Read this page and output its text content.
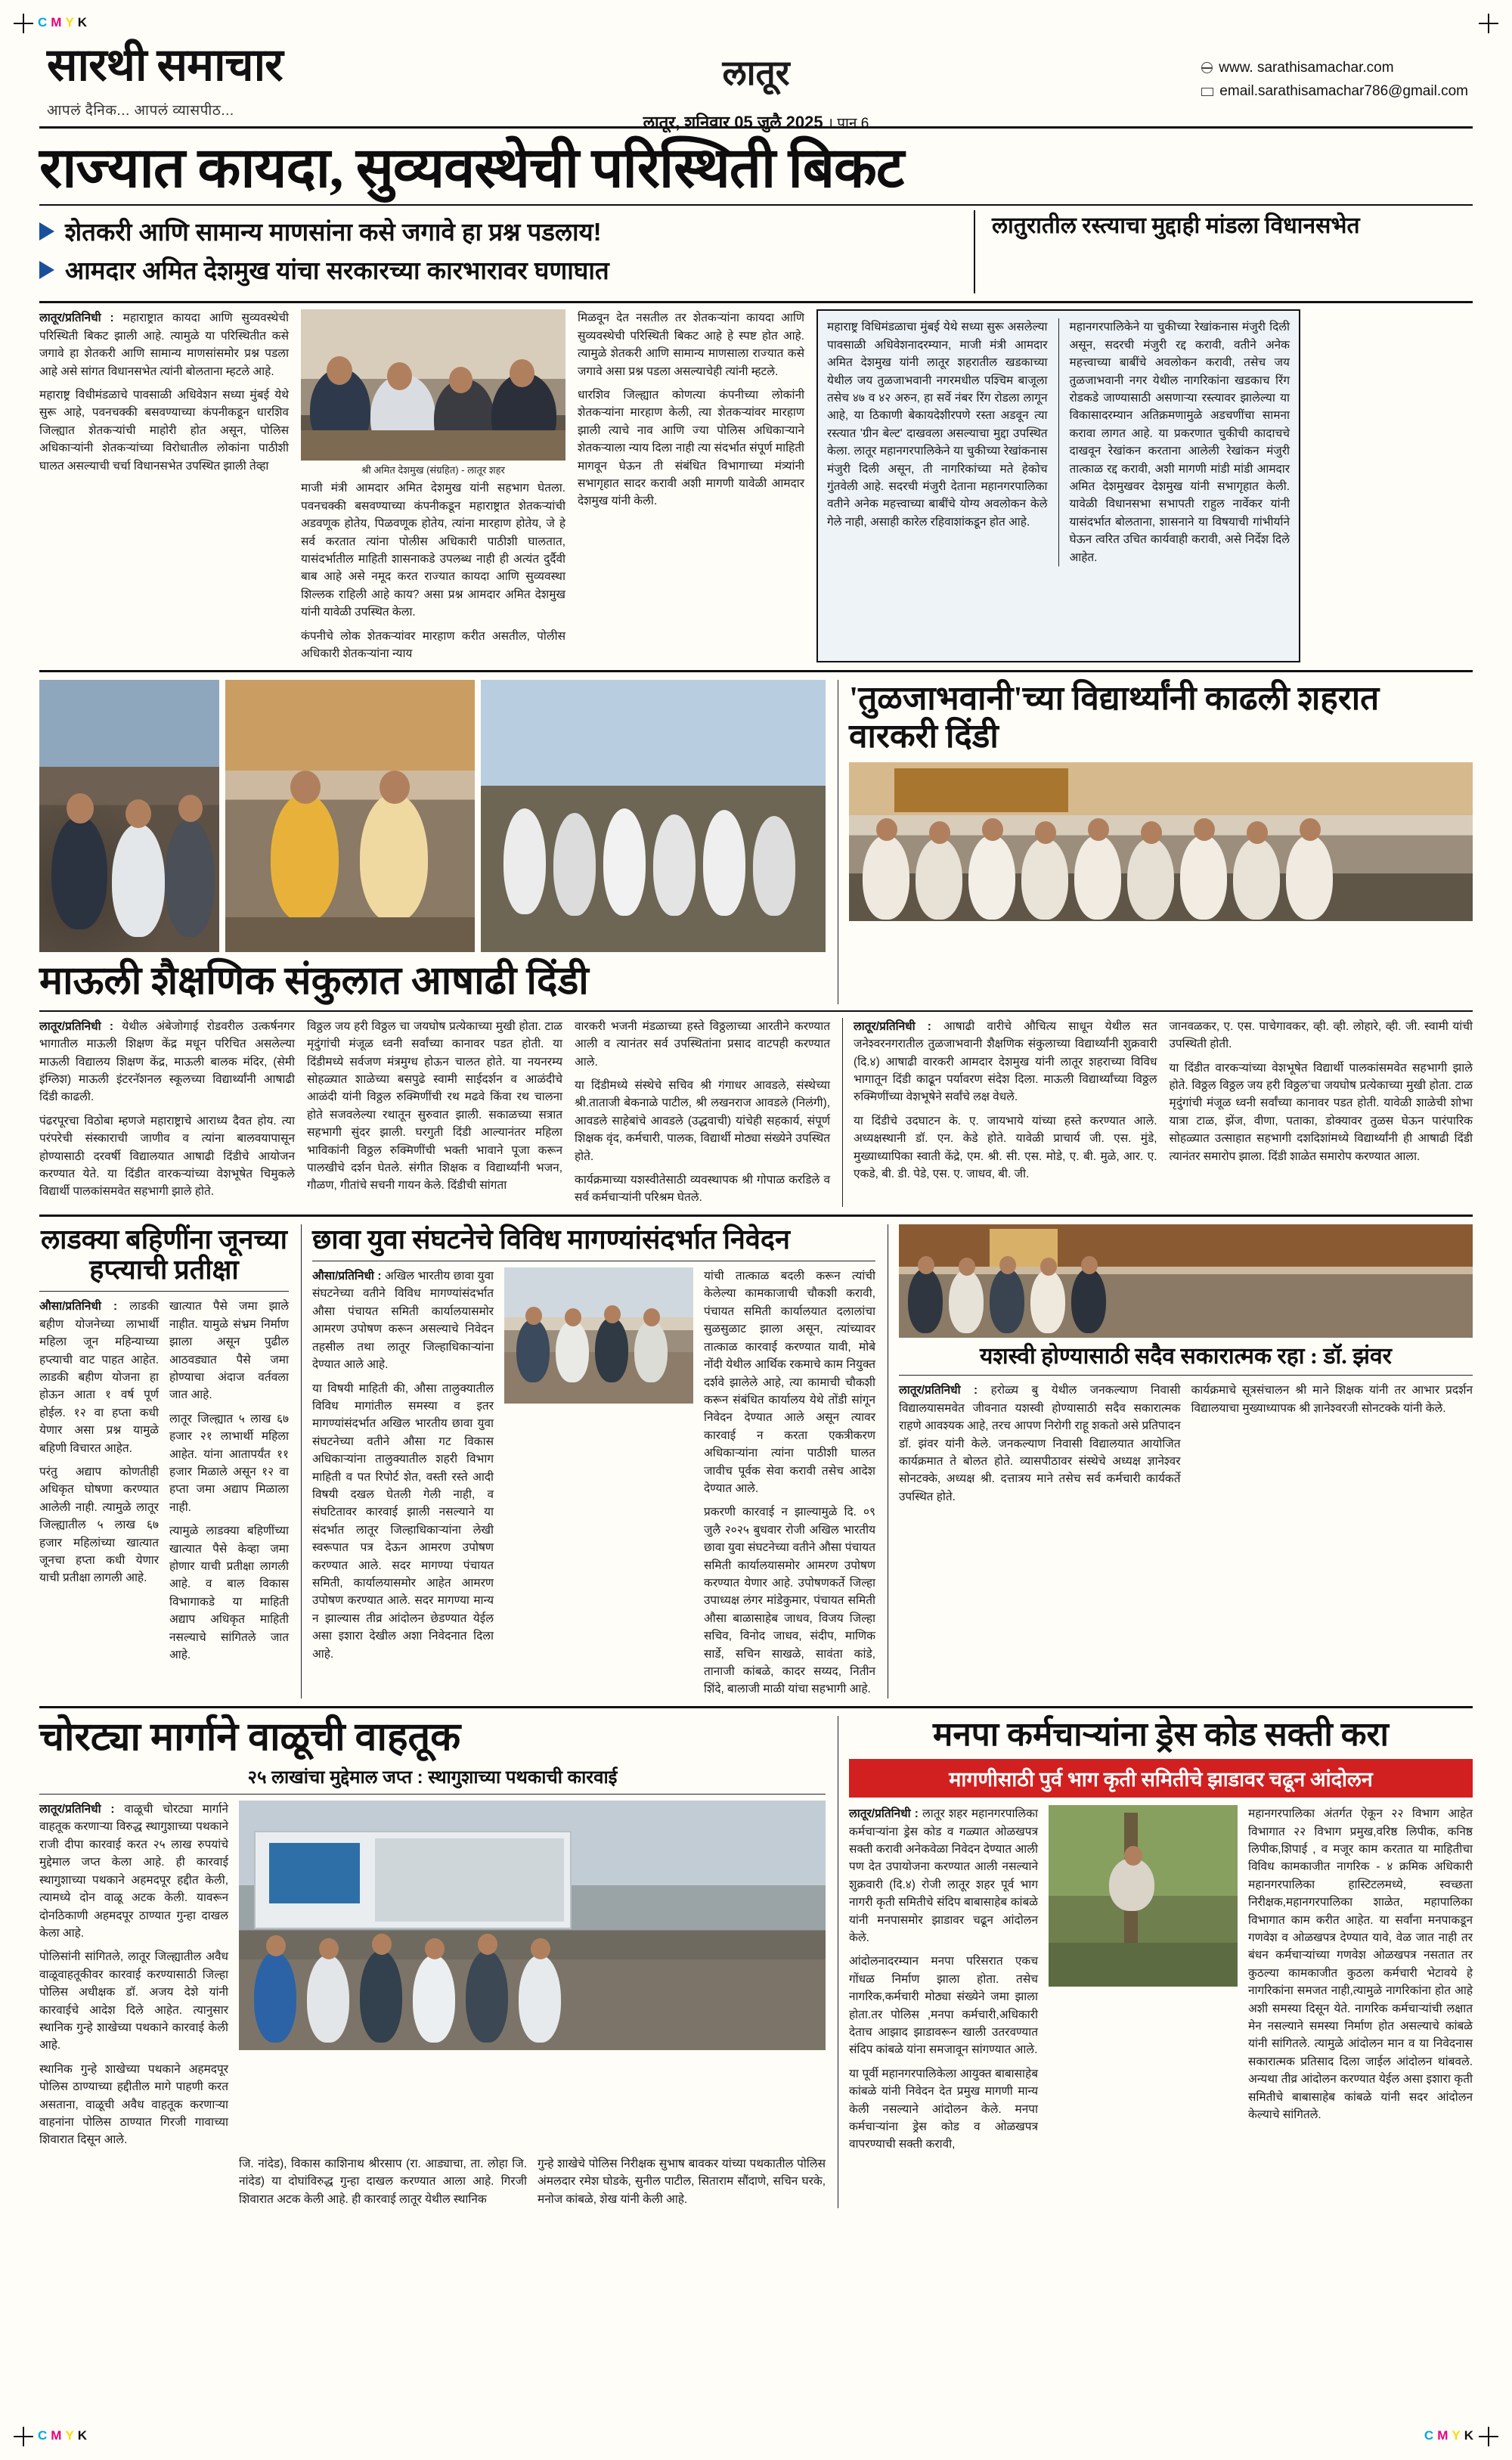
C M Y K
C M Y K	C M Y K
सारथी समाचार
आपलं दैनिक... आपलं व्यासपीठ...
लातूर
लातूर, शनिवार 05 जुलै 2025 । पान 6
www. sarathisamachar.com
email.sarathisamachar786@gmail.com
राज्यात कायदा, सुव्यवस्थेची परिस्थिती बिकट
शेतकरी आणि सामान्य माणसांना कसे जगावे हा प्रश्न पडलाय!
आमदार अमित देशमुख यांचा सरकारच्या कारभारावर घणाघात
लातुरातील रस्त्याचा मुद्दाही मांडला विधानसभेत
लातूर/प्रतिनिधी : महाराष्ट्रात कायदा आणि सुव्यवस्थेची परिस्थिती बिकट झाली आहे. त्यामुळे या परिस्थितीत कसे जगावे हा शेतकरी आणि सामान्य माणसांसमोर प्रश्न पडला आहे असे सांगत विधानसभेत त्यांनी बोलताना म्हटले आहे.
महाराष्ट्र विधीमंडळाचे पावसाळी अधिवेशन सध्या मुंबई येथे सुरू आहे, पवनचक्की बसवण्याच्या कंपनीकडून धारशिव जिल्ह्यात शेतकऱ्यांची माहोरी होत असून, पोलिस अधिकाऱ्यांनी शेतकऱ्यांच्या विरोधातील लोकांना पाठीशी घालत असल्याची चर्चा विधानसभेत उपस्थित झाली तेव्हा	श्री अमित देशमुख (संग्रहित) - लातूर शहर
माजी मंत्री आमदार अमित देशमुख यांनी सहभाग घेतला. पवनचक्की बसवण्याच्या कंपनीकडून महाराष्ट्रात शेतकऱ्यांची अडवणूक होतेय, पिळवणूक होतेय, त्यांना मारहाण होतेय, जे हे सर्व करतात त्यांना पोलीस अधिकारी पाठीशी घालतात, यासंदर्भातील माहिती शासनाकडे उपलब्ध नाही ही अत्यंत दुर्दैवी बाब आहे असे नमूद करत राज्यात कायदा आणि सुव्यवस्था शिल्लक राहिली आहे काय? असा प्रश्न आमदार अमित देशमुख यांनी यावेळी उपस्थित केला.
कंपनीचे लोक शेतकऱ्यांवर मारहाण करीत असतील, पोलीस अधिकारी शेतकऱ्यांना न्याय
मिळवून देत नसतील तर शेतकऱ्यांना कायदा आणि सुव्यवस्थेची परिस्थिती बिकट आहे हे स्पष्ट होत आहे. त्यामुळे शेतकरी आणि सामान्य माणसाला राज्यात कसे जगावे असा प्रश्न पडला असल्याचेही त्यांनी म्हटले.
धारशिव जिल्ह्यात कोणत्या कंपनीच्या लोकांनी शेतकऱ्यांना मारहाण केली, त्या शेतकऱ्यांवर मारहाण झाली त्याचे नाव आणि ज्या पोलिस अधिकाऱ्याने शेतकऱ्याला न्याय दिला नाही त्या संदर्भात संपूर्ण माहिती मागवून घेऊन ती संबंधित विभागाच्या मंत्र्यांनी सभागृहात सादर करावी अशी मागणी यावेळी आमदार देशमुख यांनी केली.
महाराष्ट्र विधिमंडळाचा मुंबई येथे सध्या सुरू असलेल्या पावसाळी अधिवेशनादरम्यान, माजी मंत्री आमदार अमित देशमुख यांनी लातूर शहरातील खडकाच्या येथील जय तुळजाभवानी नगरमधील पश्चिम बाजूला तसेच ४७ व ४२ अरुन, हा सर्वे नंबर रिंग रोडला लागून आहे, या ठिकाणी बेकायदेशीरपणे रस्ता अडवून त्या रस्त्यात 'ग्रीन बेल्ट' दाखवला असल्याचा मुद्दा उपस्थित केला. लातूर महानगरपालिकेने या चुकीच्या रेखांकनास मंजुरी दिली असून, ती नागरिकांच्या मते हेकोच गुंतवेली आहे. सदरची मंजुरी देताना महानगरपालिका वतीने अनेक महत्त्वाच्या बाबींचे योग्य अवलोकन केले गेले नाही, असाही कारेल रहिवाशांकडून होत आहे.
महानगरपालिकेने या चुकीच्या रेखांकनास मंजुरी दिली असून, सदरची मंजुरी रद्द करावी, वतीने अनेक महत्त्वाच्या बाबींचे अवलोकन करावी, तसेच जय तुळजाभवानी नगर येथील नागरिकांना खडकाच रिंग रोडकडे जाण्यासाठी असणाऱ्या रस्त्यावर झालेल्या या विकासादरम्यान अतिक्रमणामुळे अडचणींचा सामना करावा लागत आहे. या प्रकरणात चुकीची कादाचचे दाखवून रेखांकन करताना आलेली रेखांकन मंजुरी तात्काळ रद्द करावी, अशी मागणी मांडी मांडी आमदार अमित देशमुखवर देशमुख यांनी सभागृहात केली. यावेळी विधानसभा सभापती राहुल नार्वेकर यांनी यासंदर्भात बोलताना, शासनाने या विषयाची गांभीर्याने घेऊन त्वरित उचित कार्यवाही करावी, असे निर्देश दिले आहेत.
माऊली शैक्षणिक संकुलात आषाढी दिंडी
'तुळजाभवानी'च्या विद्यार्थ्यांनी काढली शहरात वारकरी दिंडी
लातूर/प्रतिनिधी : येथील अंबेजोगाई रोडवरील उत्कर्षनगर भागातील माऊली शिक्षण केंद्र मधून परिचित असलेल्या माऊली विद्यालय शिक्षण केंद्र, माऊली बालक मंदिर, (सेमी इंग्लिश) माऊली इंटरनॅशनल स्कूलच्या विद्यार्थ्यांनी आषाढी दिंडी काढली.
पंढरपूरचा विठोबा म्हणजे महाराष्ट्राचे आराध्य दैवत होय. त्या परंपरेची संस्काराची जाणीव व त्यांना बालवयापासून होण्यासाठी दरवर्षी विद्यालयात आषाढी दिंडीचे आयोजन करण्यात येते. या दिंडीत वारकऱ्यांच्या वेशभूषेत चिमुकले विद्यार्थी पालकांसमवेत सहभागी झाले होते.
विठ्ठल जय हरी विठ्ठल चा जयघोष प्रत्येकाच्या मुखी होता. टाळ मृदुंगांची मंजूळ ध्वनी सर्वांच्या कानावर पडत होती. या दिंडीमध्ये सर्वजण मंत्रमुग्ध होऊन चालत होते. या नयनरम्य सोहळ्यात शाळेच्या बसपुढे स्वामी साईदर्शन व आळंदीचे आळंदी यांनी विठ्ठल रुक्मिणींची रथ मढवे किंवा रथ चालना होते सजवलेल्या रथातून सुरुवात झाली. सकाळच्या सत्रात सहभागी सुंदर झाली. घरगुती दिंडी आल्यानंतर महिला भाविकांनी विठ्ठल रुक्मिणींची भक्ती भावाने पूजा करून पालखीचे दर्शन घेतले. संगीत शिक्षक व विद्यार्थ्यांनी भजन, गौळण, गीतांचे सचनी गायन केले. दिंडीची सांगता
वारकरी भजनी मंडळाच्या हस्ते विठ्ठलाच्या आरतीने करण्यात आली व त्यानंतर सर्व उपस्थितांना प्रसाद वाटपही करण्यात आले.
या दिंडीमध्ये संस्थेचे सचिव श्री गंगाधर आवडले, संस्थेच्या श्री.ताताजी बेकनाळे पाटील, श्री लखनराज आवडले (निलंगी), आवडले साहेबांचे आवडले (उद्धवाची) यांचेही सहकार्य, संपूर्ण शिक्षक वृंद, कर्मचारी, पालक, विद्यार्थी मोठ्या संख्येने उपस्थित होते.
कार्यक्रमाच्या यशस्वीतेसाठी व्यवस्थापक श्री गोपाळ करडिले व सर्व कर्मचाऱ्यांनी परिश्रम घेतले.
लातूर/प्रतिनिधी : आषाढी वारीचे औचित्य साधून येथील सत जनेश्वरनगरातील तुळजाभवानी शैक्षणिक संकुलाच्या विद्यार्थ्यांनी शुक्रवारी (दि.४) आषाढी वारकरी आमदार देशमुख यांनी लातूर शहराच्या विविध भागातून दिंडी काढून पर्यावरण संदेश दिला. माऊली विद्यार्थ्यांच्या विठ्ठल रुक्मिणींच्या वेशभूषेने सर्वांचे लक्ष वेधले.
या दिंडीचे उदघाटन के. ए. जायभाये यांच्या हस्ते करण्यात आले. अध्यक्षस्थानी डॉ. एन. केडे होते. यावेळी प्राचार्य जी. एस. मुंडे, मुख्याध्यापिका स्वाती केंद्रे, एम. श्री. सी. एस. मोडे, ए. बी. मुळे, आर. ए. एकडे, बी. डी. पेडे, एस. ए. जाधव, बी. जी.
जानवळकर, ए. एस. पाचेगावकर, व्ही. व्ही. लोहारे, व्ही. जी. स्वामी यांची उपस्थिती होती.
या दिंडीत वारकऱ्यांच्या वेशभूषेत विद्यार्थी पालकांसमवेत सहभागी झाले होते. विठ्ठल विठ्ठल जय हरी विठ्ठल'चा जयघोष प्रत्येकाच्या मुखी होता. टाळ मृदुंगांची मंजूळ ध्वनी सर्वांच्या कानावर पडत होती. यावेळी शाळेची शोभा यात्रा टाळ, झेंज, वीणा, पताका, डोक्यावर तुळस घेऊन पारंपारिक सोहळ्यात उत्साहात सहभागी दशदिशांमध्ये विद्यार्थ्यांनी ही आषाढी दिंडी त्यानंतर समारोप झाला. दिंडी शाळेत समारोप करण्यात आला.
लाडक्या बहिणींना जूनच्या हप्त्याची प्रतीक्षा
औसा/प्रतिनिधी : लाडकी बहीण योजनेच्या लाभार्थी महिला जून महिन्याच्या हप्त्याची वाट पाहत आहेत. लाडकी बहीण योजना हा होऊन आता १ वर्ष पूर्ण होईल. १२ वा हप्ता कधी येणार असा प्रश्न यामुळे बहिणी विचारत आहेत.
परंतु अद्याप कोणतीही अधिकृत घोषणा करण्यात आलेली नाही. त्यामुळे लातूर जिल्ह्यातील ५ लाख ६७ हजार महिलांच्या खात्यात जूनचा हप्ता कधी येणार याची प्रतीक्षा लागली आहे.
खात्यात पैसे जमा झाले नाहीत. यामुळे संभ्रम निर्माण झाला असून पुढील आठवड्यात पैसे जमा होण्याचा अंदाज वर्तवला जात आहे.
लातूर जिल्ह्यात ५ लाख ६७ हजार २१ लाभार्थी महिला आहेत. यांना आतापर्यंत ११ हजार मिळाले असून १२ वा हप्ता जमा अद्याप मिळाला नाही.
त्यामुळे लाडक्या बहिणींच्या खात्यात पैसे केव्हा जमा होणार याची प्रतीक्षा लागली आहे. व बाल विकास विभागाकडे या माहिती अद्याप अधिकृत माहिती नसल्याचे सांगितले जात आहे.
छावा युवा संघटनेचे विविध मागण्यांसंदर्भात निवेदन
औसा/प्रतिनिधी : अखिल भारतीय छावा युवा संघटनेच्या वतीने विविध मागण्यांसंदर्भात औसा पंचायत समिती कार्यालयासमोर आमरण उपोषण करून असल्याचे निवेदन तहसील तथा लातूर जिल्हाधिकाऱ्यांना देण्यात आले आहे.
या विषयी माहिती की, औसा तालुक्यातील विविध मागांतील समस्या व इतर मागण्यांसंदर्भात अखिल भारतीय छावा युवा संघटनेच्या वतीने औसा गट विकास अधिकाऱ्यांना तालुक्यातील शहरी विभाग माहिती व पत रिपोर्ट शेत, वस्ती रस्ते आदी विषयी दखल घेतली गेली नाही, व संघटितावर कारवाई झाली नसल्याने या संदर्भात लातूर जिल्हाधिकाऱ्यांना लेखी स्वरूपात पत्र देऊन आमरण उपोषण करण्यात आले. सदर मागण्या पंचायत समिती, कार्यालयासमोर आहेत आमरण उपोषण करण्यात आले. सदर मागण्या मान्य न झाल्यास तीव्र आंदोलन छेडण्यात येईल असा इशारा देखील अशा निवेदनात दिला आहे.
यांची तात्काळ बदली करून त्यांची केलेल्या कामकाजाची चौकशी करावी, पंचायत समिती कार्यालयात दलालांचा सुळसुळाट झाला असून, त्यांच्यावर तात्काळ कारवाई करण्यात यावी, मोबे नोंदी येथील आर्थिक रकमाचे काम नियुक्त दर्शवे झालेले आहे, त्या कामाची चौकशी करून संबंधित कार्यालय येथे तोंडी सांगून निवेदन देण्यात आले असून त्यावर कारवाई न करता एकत्रीकरण अधिकाऱ्यांना त्यांना पाठीशी घालत जावीच पूर्वक सेवा करावी तसेच आदेश देण्यात आले.
प्रकरणी कारवाई न झाल्यामुळे दि. ०९ जुलै २०२५ बुधवार रोजी अखिल भारतीय छावा युवा संघटनेच्या वतीने औसा पंचायत समिती कार्यालयासमोर आमरण उपोषण करण्यात येणार आहे. उपोषणकर्ते जिल्हा उपाध्यक्ष लंगर मांडेकुमार, पंचायत समिती औसा बाळासाहेब जाधव, विजय जिल्हा सचिव, विनोद जाधव, संदीप, माणिक सार्डे, सचिन साखळे, सावंता कांडे, तानाजी कांबळे, कादर सय्यद, नितीन शिंदे, बालाजी माळी यांचा सहभागी आहे.
यशस्वी होण्यासाठी सदैव सकारात्मक रहा : डॉ. झंवर
लातूर/प्रतिनिधी : हरोळ्य बु येथील जनकल्याण निवासी विद्यालयासमवेत जीवनात यशस्वी होण्यासाठी सदैव सकारात्मक राहणे आवश्यक आहे, तरच आपण निरोगी राहू शकतो असे प्रतिपादन डॉ. झंवर यांनी केले. जनकल्याण निवासी विद्यालयात आयोजित कार्यक्रमात ते बोलत होते. व्यासपीठावर संस्थेचे अध्यक्ष ज्ञानेश्वर सोनटक्के, अध्यक्ष श्री. दत्तात्रय माने तसेच सर्व कर्मचारी कार्यकर्ते उपस्थित होते.
कार्यक्रमाचे सूत्रसंचालन श्री माने शिक्षक यांनी तर आभार प्रदर्शन विद्यालयाचा मुख्याध्यापक श्री ज्ञानेश्वरजी सोनटक्के यांनी केले.
चोरट्या मार्गाने वाळूची वाहतूक
२५ लाखांचा मुद्देमाल जप्त : स्थागुशाच्या पथकाची कारवाई
लातूर/प्रतिनिधी : वाळूची चोरट्या मार्गाने वाहतूक करणाऱ्या विरुद्ध स्थागुशाच्या पथकाने राजी दीपा कारवाई करत २५ लाख रुपयांचे मुद्देमाल जप्त केला आहे. ही कारवाई स्थागुशाच्या पथकाने अहमदपूर हद्दीत केली, त्यामध्ये दोन वाळू अटक केली. यावरून दोनठिकाणी अहमदपूर ठाण्यात गुन्हा दाखल केला आहे.
पोलिसांनी सांगितले, लातूर जिल्ह्यातील अवैध वाळूवाहतूकीवर कारवाई करण्यासाठी जिल्हा पोलिस अधीक्षक डॉ. अजय देशे यांनी कारवाईचे आदेश दिले आहेत. त्यानुसार स्थानिक गुन्हे शाखेच्या पथकाने कारवाई केली आहे.
स्थानिक गुन्हे शाखेच्या पथकाने अहमदपूर पोलिस ठाण्याच्या हद्दीतील मागे पाहणी करत असताना, वाळूची अवैध वाहतूक करणाऱ्या वाहनांना पोलिस ठाण्यात गिरजी गावाच्या शिवारात दिसून आले.
जि. नांदेड), विकास काशिनाथ श्रीरसाप (रा. आड्याचा, ता. लोहा जि. नांदेड) या दोघांविरुद्ध गुन्हा दाखल करण्यात आला आहे. गिरजी शिवारात अटक केली आहे. ही कारवाई लातूर येथील स्थानिक
गुन्हे शाखेचे पोलिस निरीक्षक सुभाष बावकर यांच्या पथकातील पोलिस अंमलदार रमेश घोडके, सुनील पाटील, सिताराम सौंदाणे, सचिन घरके, मनोज कांबळे, शेख यांनी केली आहे.
मनपा कर्मचाऱ्यांना ड्रेस कोड सक्ती करा
मागणीसाठी पुर्व भाग कृती समितीचे झाडावर चढून आंदोलन
लातूर/प्रतिनिधी : लातूर शहर महानगरपालिका कर्मचाऱ्यांना ड्रेस कोड व गळ्यात ओळखपत्र सक्ती करावी अनेकवेळा निवेदन देण्यात आली पण देत उपायोजना करण्यात आली नसल्याने शुक्रवारी (दि.४) रोजी लातूर शहर पूर्व भाग नागरी कृती समितीचे संदिप बाबासाहेब कांबळे यांनी मनपासमोर झाडावर चढून आंदोलन केले.
आंदोलनादरम्यान मनपा परिसरात एकच गोंधळ निर्माण झाला होता. तसेच नागरिक,कर्मचारी मोठ्या संख्येने जमा झाला होता.तर पोलिस ,मनपा कर्मचारी,अधिकारी देताच आझाद झाडावरून खाली उतरवण्यात संदिप कांबळे यांना समजावून सांगण्यात आले.
या पूर्वी महानगरपालिकेला आयुक्त बाबासाहेब कांबळे यांनी निवेदन देत प्रमुख मागणी मान्य केली नसल्याने आंदोलन केले. मनपा कर्मचाऱ्यांना ड्रेस कोड व ओळखपत्र वापरण्याची सक्ती करावी,
महानगरपालिका अंतर्गत ऐकून २२ विभाग आहेत विभागात २२ विभाग प्रमुख,वरिष्ठ लिपीक, कनिष्ठ लिपीक,शिपाई , व मजूर काम करतात या माहितीचा विविध कामकाजीत नागरिक - ४ क्रमिक अधिकारी महानगरपालिका हास्टिटलमध्ये, स्वच्छता निरीक्षक,महानगरपालिका शाळेत, महापालिका विभागात काम करीत आहेत. या सर्वांना मनपाकडून गणवेश व ओळखपत्र देण्यात यावे, वेळ जात नाही तर बंधन कर्मचाऱ्यांच्या गणवेश ओळखपत्र नसतात तर कुठल्या कामकाजीत कुठला कर्मचारी भेटावये हे नागरिकांना समजत नाही,त्यामुळे नागरिकांना होत आहे अशी समस्या दिसून येते. नागरिक कर्मचाऱ्यांची लक्षात मेन नसल्याने समस्या निर्माण होत असल्याचे कांबळे यांनी सांगितले. त्यामुळे आंदोलन मान व या निवेदनास सकारात्मक प्रतिसाद दिला जाईल आंदोलन थांबवले. अन्यथा तीव्र आंदोलन करण्यात येईल असा इशारा कृती समितीचे बाबासाहेब कांबळे यांनी सदर आंदोलन केल्याचे सांगितले.
